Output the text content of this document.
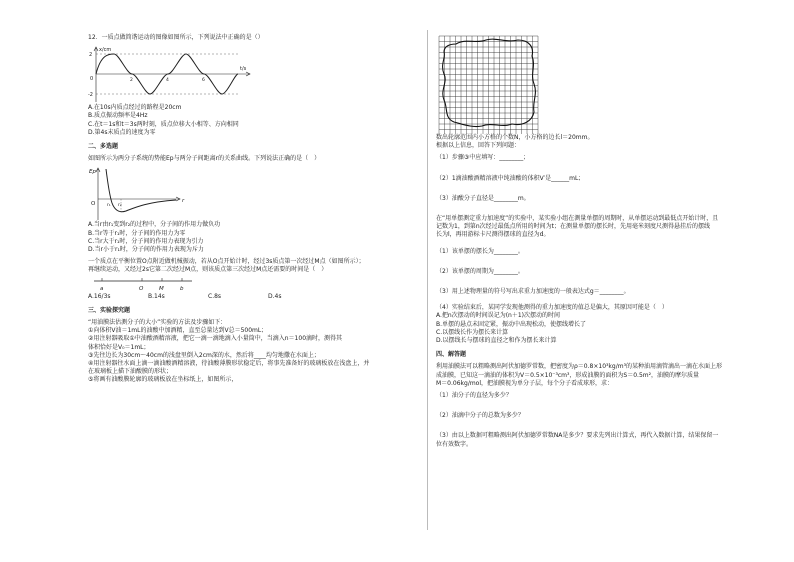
12．一质点做简谐运动的图像如图所示，下列说法中正确的是（）

x/cm
t/s
2
-2
0	2	4	6

A.在10s内质点经过的路程是20cm

B.质点振动频率是4Hz

C.在t＝1s和t＝3s两时刻，质点位移大小相等、方向相同

D.第4s末质点的速度为零

二、多选题

如图所示为两分子系统的势能Ep与两分子间距离r的关系曲线。下列说法正确的是（　）

Ep
r
O	r₁ r₂

A.当r由r₁变到r₂的过程中，分子间的作用力做负功

B.当r等于r₁时，分子间的作用力为零

C.当r大于r₁时，分子间的作用力表现为引力

D.当r小于r₁时，分子间的作用力表现为斥力

一个质点在平衡位置O点附近做机械振动，若从O点开始计时，经过3s质点第一次经过M点（如图所示）；

再继续运动，又经过2s它第二次经过M点，则该质点第三次经过M点还需要的时间是（　）

a	O	M	b
A.16/3s	B.14s	C.8s	D.4s

三、实验探究题

“用油膜法估测分子的大小”实验的方法及步骤如下：

①向体积V油＝1mL的油酸中加酒精，直至总量达到V总＝500mL；

②用注射器吸取①中油酸酒精溶液，把它一滴一滴地滴入小量筒中，当滴入n＝100滴时，测得其

体积恰好是V₀＝1mL；

③先往边长为30cm～40cm的浅盘里倒入2cm深的水，然后将____均匀地撒在水面上；

④用注射器往水面上滴一滴油酸酒精溶液，待油酸薄膜形状稳定后，将事先准备好的玻璃板放在浅盘上，并

在玻璃板上描下油酸膜的形状；

⑤将画有油酸膜轮廓的玻璃板放在坐标纸上，如图所示，

数出轮廓范围内小方格的个数N，小方格的边长l＝20mm。

根据以上信息，回答下列问题：

（1）步骤③中应填写：________；

（2）1滴油酸酒精溶液中纯油酸的体积V′是______mL；

（3）油酸分子直径是________m。

在“用单摆测定重力加速度”的实验中，某实验小组在测量单摆的周期时，从单摆运动到最低点开始计时，且

记数为1，到第n次经过最低点所用的时间为t；在测量单摆的摆长时，先用毫米刻度尺测得悬挂后的摆线

长为l，再用游标卡尺测得摆球的直径为d。

（1）该单摆的摆长为________。

（2）该单摆的周期为________。

（3）用上述物理量的符号写出求重力加速度的一般表达式g＝________。

（4）实验结束后，某同学发现他测得的重力加速度的值总是偏大，其原因可能是（　）

A.把n次摆动的时间误记为(n＋1)次摆动的时间

B.单摆的悬点未固定紧，振动中出现松动，使摆线增长了

C.以摆线长作为摆长来计算

D.以摆线长与摆球的直径之和作为摆长来计算

四、解答题

利用油膜法可以粗略测出阿伏加德罗常数，把密度为ρ＝0.8×10³kg/m³的某种油用滴管滴出一滴在水面上形

成油膜，已知这一滴油的体积为V＝0.5×10⁻³cm³，形成油膜的面积为S＝0.5m²，油膜的摩尔质量

M＝0.06kg/mol，把油膜视为单分子层，每个分子看成球形，求：

（1）油分子的直径为多少？

（2）油滴中分子的总数为多少？

（3）由以上数据可粗略测出阿伏加德罗常数NA是多少？要求先列出计算式，再代入数据计算，结果保留一

位有效数字。
